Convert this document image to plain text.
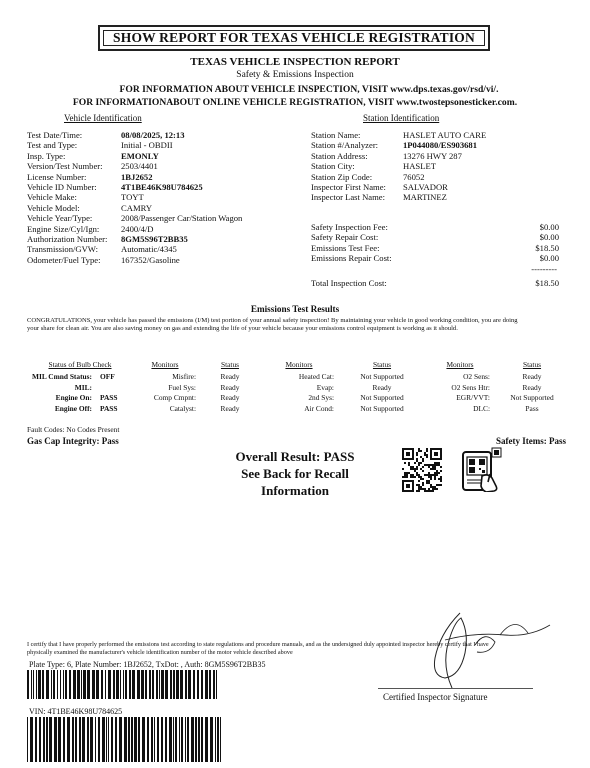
SHOW REPORT FOR TEXAS VEHICLE REGISTRATION
TEXAS VEHICLE INSPECTION REPORT
Safety & Emissions Inspection
FOR INFORMATION ABOUT VEHICLE INSPECTION, VISIT www.dps.texas.gov/rsd/vi/.
FOR INFORMATIONABOUT ONLINE VEHICLE REGISTRATION, VISIT www.twostepsonesticker.com.
Vehicle Identification	Station Identification
Test Date/Time:	08/08/2025, 12:13
Test and Type:	Initial - OBDII
Insp. Type:	EMONLY
Version/Test Number:	2503/4401
License Number:	1BJ2652
Vehicle ID Number:	4T1BE46K98U784625
Vehicle Make:	TOYT
Vehicle Model:	CAMRY
Vehicle Year/Type:	2008/Passenger Car/Station Wagon
Engine Size/Cyl/Ign:	2400/4/D
Authorization Number:	8GM5S96T2BB35
Transmission/GVW:	Automatic/4345
Odometer/Fuel Type:	167352/Gasoline
Station Name:	HASLET AUTO CARE
Station #/Analyzer:	1P044080/ES903681
Station Address:	13276 HWY 287
Station City:	HASLET
Station Zip Code:	76052
Inspector First Name:	SALVADOR
Inspector Last Name:	MARTINEZ
Safety Inspection Fee:	$0.00
Safety Repair Cost:	$0.00
Emissions Test Fee:	$18.50
Emissions Repair Cost:	$0.00
---------
Total Inspection Cost:	$18.50
Emissions Test Results
CONGRATULATIONS, your vehicle has passed the emissions (I/M) test portion of your annual safety inspection! By maintaining your vehicle in good working condition, you are doing
your share for clean air. You are also saving money on gas and extending the life of your vehicle because your emissions control equipment is working as it should.
Status of Bulb Check	Monitors	Status	Monitors	Status	Monitors	Status
MIL Cmnd Status: OFF	Misfire:	Ready	Heated Cat:	Not Supported	O2 Sens:	Ready
MIL:	Fuel Sys:	Ready	Evap:	Ready	O2 Sens Htr:	Ready
Engine On: PASS	Comp Cmpnt:	Ready	2nd Sys:	Not Supported	EGR/VVT:	Not Supported
Engine Off: PASS	Catalyst:	Ready	Air Cond:	Not Supported	DLC:	Pass
Fault Codes: No Codes Present
Gas Cap Integrity: Pass	Safety Items: Pass
Overall Result: PASS
See Back for Recall
Information
I certify that I have properly performed the emissions test according to state regulations and procedure manuals, and as the undersigned duly appointed inspector hereby certify that I have
physically examined the manufacturer's vehicle identification number of the motor vehicle described above
Certified Inspector Signature
Plate Type: 6, Plate Number: 1BJ2652, TxDot: , Auth: 8GM5S96T2BB35
VIN: 4T1BE46K98U784625
